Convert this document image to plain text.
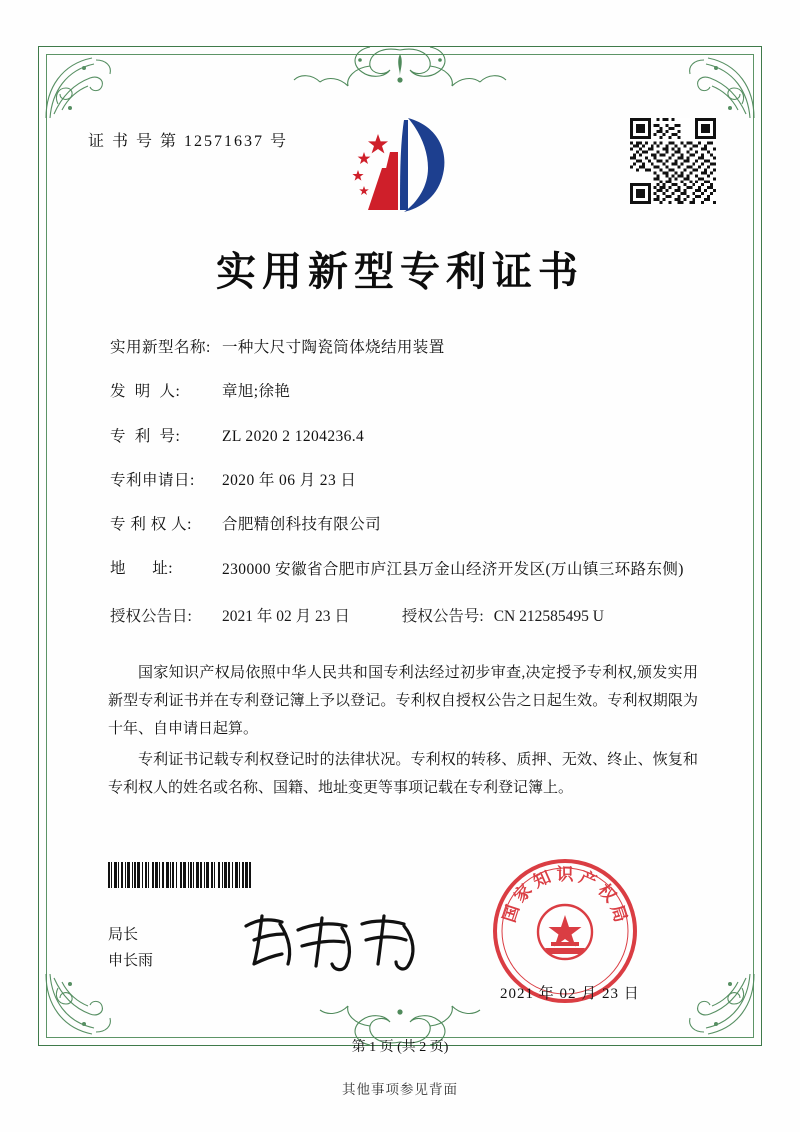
证 书 号 第 12571637 号
实用新型专利证书
实用新型名称: 一种大尺寸陶瓷筒体烧结用装置
发  明  人:	章旭;徐艳
专  利  号:	ZL 2020 2 1204236.4
专利申请日:	2020 年 06 月 23 日
专 利 权 人:	合肥精创科技有限公司
地      址:	230000 安徽省合肥市庐江县万金山经济开发区(万山镇三环路东侧)
授权公告日:	2021 年 02 月 23 日	授权公告号: CN 212585495 U

国家知识产权局依照中华人民共和国专利法经过初步审查,决定授予专利权,颁发实用新型专利证书并在专利登记簿上予以登记。专利权自授权公告之日起生效。专利权期限为十年、自申请日起算。

专利证书记载专利权登记时的法律状况。专利权的转移、质押、无效、终止、恢复和专利权人的姓名或名称、国籍、地址变更等事项记载在专利登记簿上。

局长
申长雨
国
家
知 识 产
权
局
2021 年 02 月 23 日
第 1 页 (共 2 页)
其他事项参见背面
